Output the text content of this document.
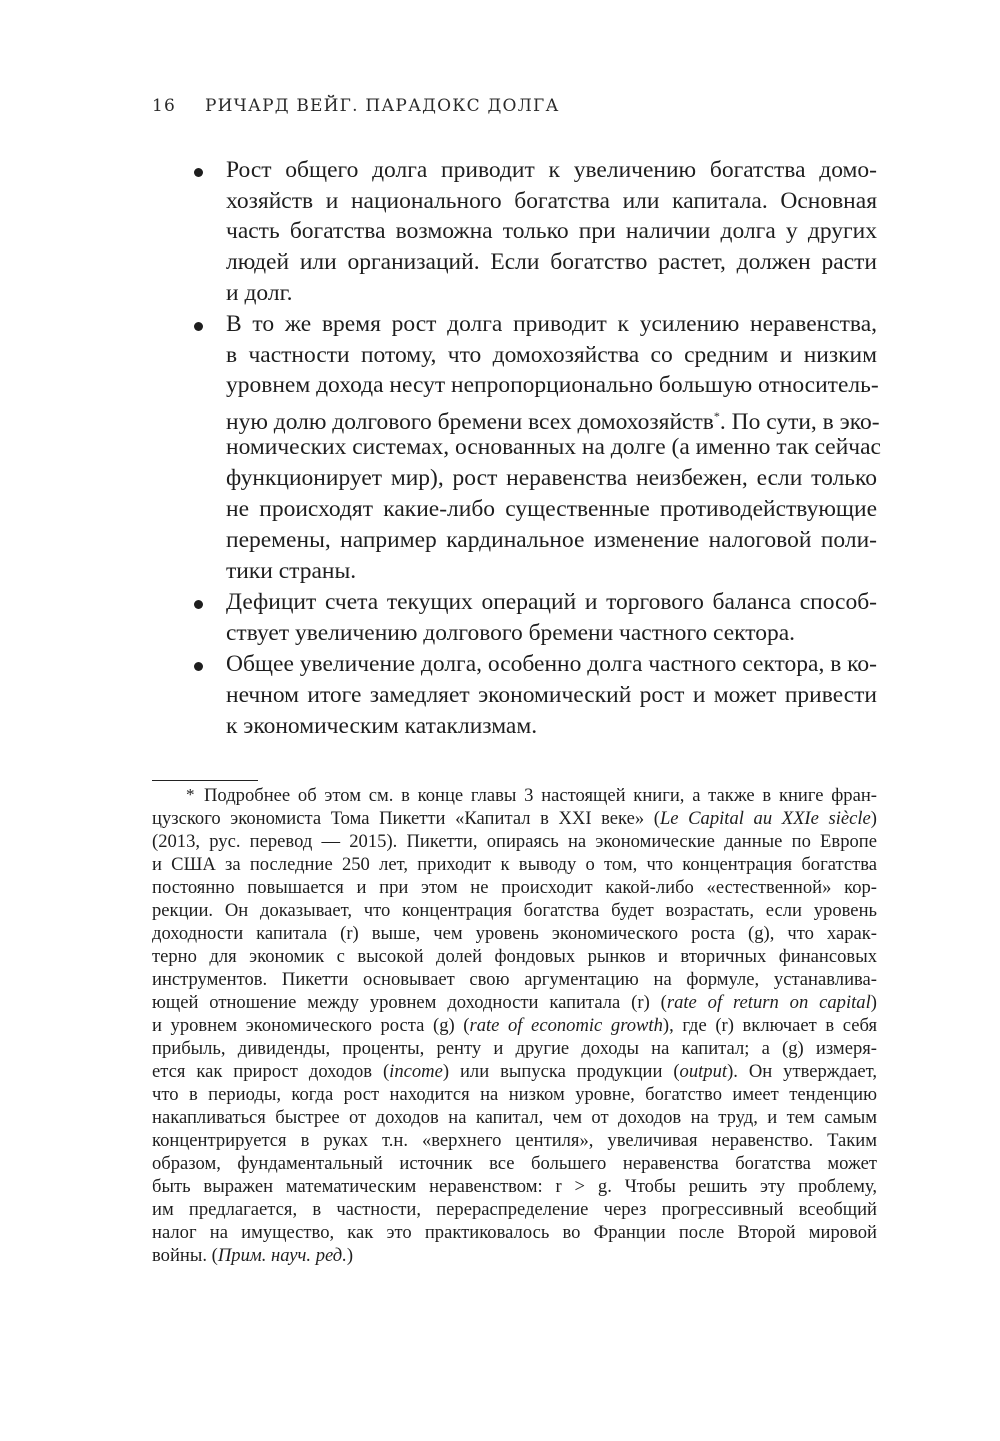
16 РИЧАРД ВЕЙГ. ПАРАДОКС ДОЛГА
Рост общего долга приводит к увеличению богатства домо-
хозяйств и национального богатства или капитала. Основная
часть богатства возможна только при наличии долга у других
людей или организаций. Если богатство растет, должен расти
и долг.
В то же время рост долга приводит к усилению неравенства,
в частности потому, что домохозяйства со средним и низким
уровнем дохода несут непропорционально большую относитель-
ную долю долгового бремени всех домохозяйств*. По сути, в эко-
номических системах, основанных на долге (а именно так сейчас
функционирует мир), рост неравенства неизбежен, если только
не происходят какие-либо существенные противодействующие
перемены, например кардинальное изменение налоговой поли-
тики страны.
Дефицит счета текущих операций и торгового баланса способ-
ствует увеличению долгового бремени частного сектора.
Общее увеличение долга, особенно долга частного сектора, в ко-
нечном итоге замедляет экономический рост и может привести
к экономическим катаклизмам.
* Подробнее об этом см. в конце главы 3 настоящей книги, а также в книге фран-
цузского экономиста Тома Пикетти «Капитал в XXI веке» (Le Capital au XXIe siècle)
(2013, рус. перевод — 2015). Пикетти, опираясь на экономические данные по Европе
и США за последние 250 лет, приходит к выводу о том, что концентрация богатства
постоянно повышается и при этом не происходит какой-либо «естественной» кор-
рекции. Он доказывает, что концентрация богатства будет возрастать, если уровень
доходности капитала (r) выше, чем уровень экономического роста (g), что харак-
терно для экономик с высокой долей фондовых рынков и вторичных финансовых
инструментов. Пикетти основывает свою аргументацию на формуле, устанавлива-
ющей отношение между уровнем доходности капитала (r) (rate of return on capital)
и уровнем экономического роста (g) (rate of economic growth), где (r) включает в себя
прибыль, дивиденды, проценты, ренту и другие доходы на капитал; а (g) измеря-
ется как прирост доходов (income) или выпуска продукции (output). Он утверждает,
что в периоды, когда рост находится на низком уровне, богатство имеет тенденцию
накапливаться быстрее от доходов на капитал, чем от доходов на труд, и тем самым
концентрируется в руках т.н. «верхнего центиля», увеличивая неравенство. Таким
образом, фундаментальный источник все большего неравенства богатства может
быть выражен математическим неравенством: r > g. Чтобы решить эту проблему,
им предлагается, в частности, перераспределение через прогрессивный всеобщий
налог на имущество, как это практиковалось во Франции после Второй мировой
войны. (Прим. науч. ред.)
